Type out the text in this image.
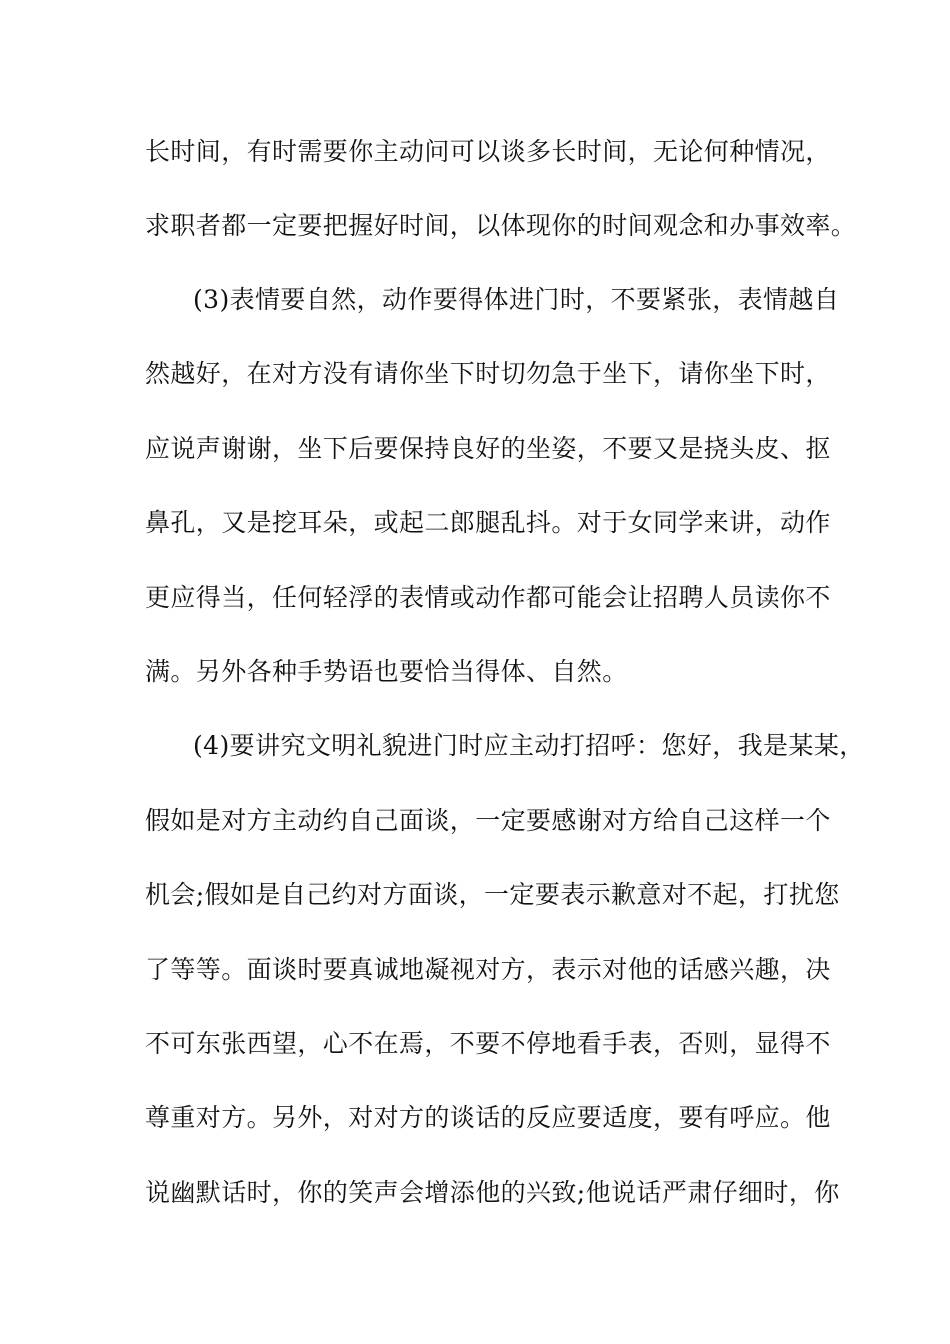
长时间，有时需要你主动问可以谈多长时间，无论何种情况，
求职者都一定要把握好时间，以体现你的时间观念和办事效率。
(3)表情要自然，动作要得体进门时，不要紧张，表情越自
然越好，在对方没有请你坐下时切勿急于坐下，请你坐下时，
应说声谢谢，坐下后要保持良好的坐姿，不要又是挠头皮、抠
鼻孔，又是挖耳朵，或起二郎腿乱抖。对于女同学来讲，动作
更应得当，任何轻浮的表情或动作都可能会让招聘人员读你不
满。另外各种手势语也要恰当得体、自然。
(4)要讲究文明礼貌进门时应主动打招呼：您好，我是某某，
假如是对方主动约自己面谈，一定要感谢对方给自己这样一个
机会;假如是自己约对方面谈，一定要表示歉意对不起，打扰您
了等等。面谈时要真诚地凝视对方，表示对他的话感兴趣，决
不可东张西望，心不在焉，不要不停地看手表，否则，显得不
尊重对方。另外，对对方的谈话的反应要适度，要有呼应。他
说幽默话时，你的笑声会增添他的兴致;他说话严肃仔细时，你
